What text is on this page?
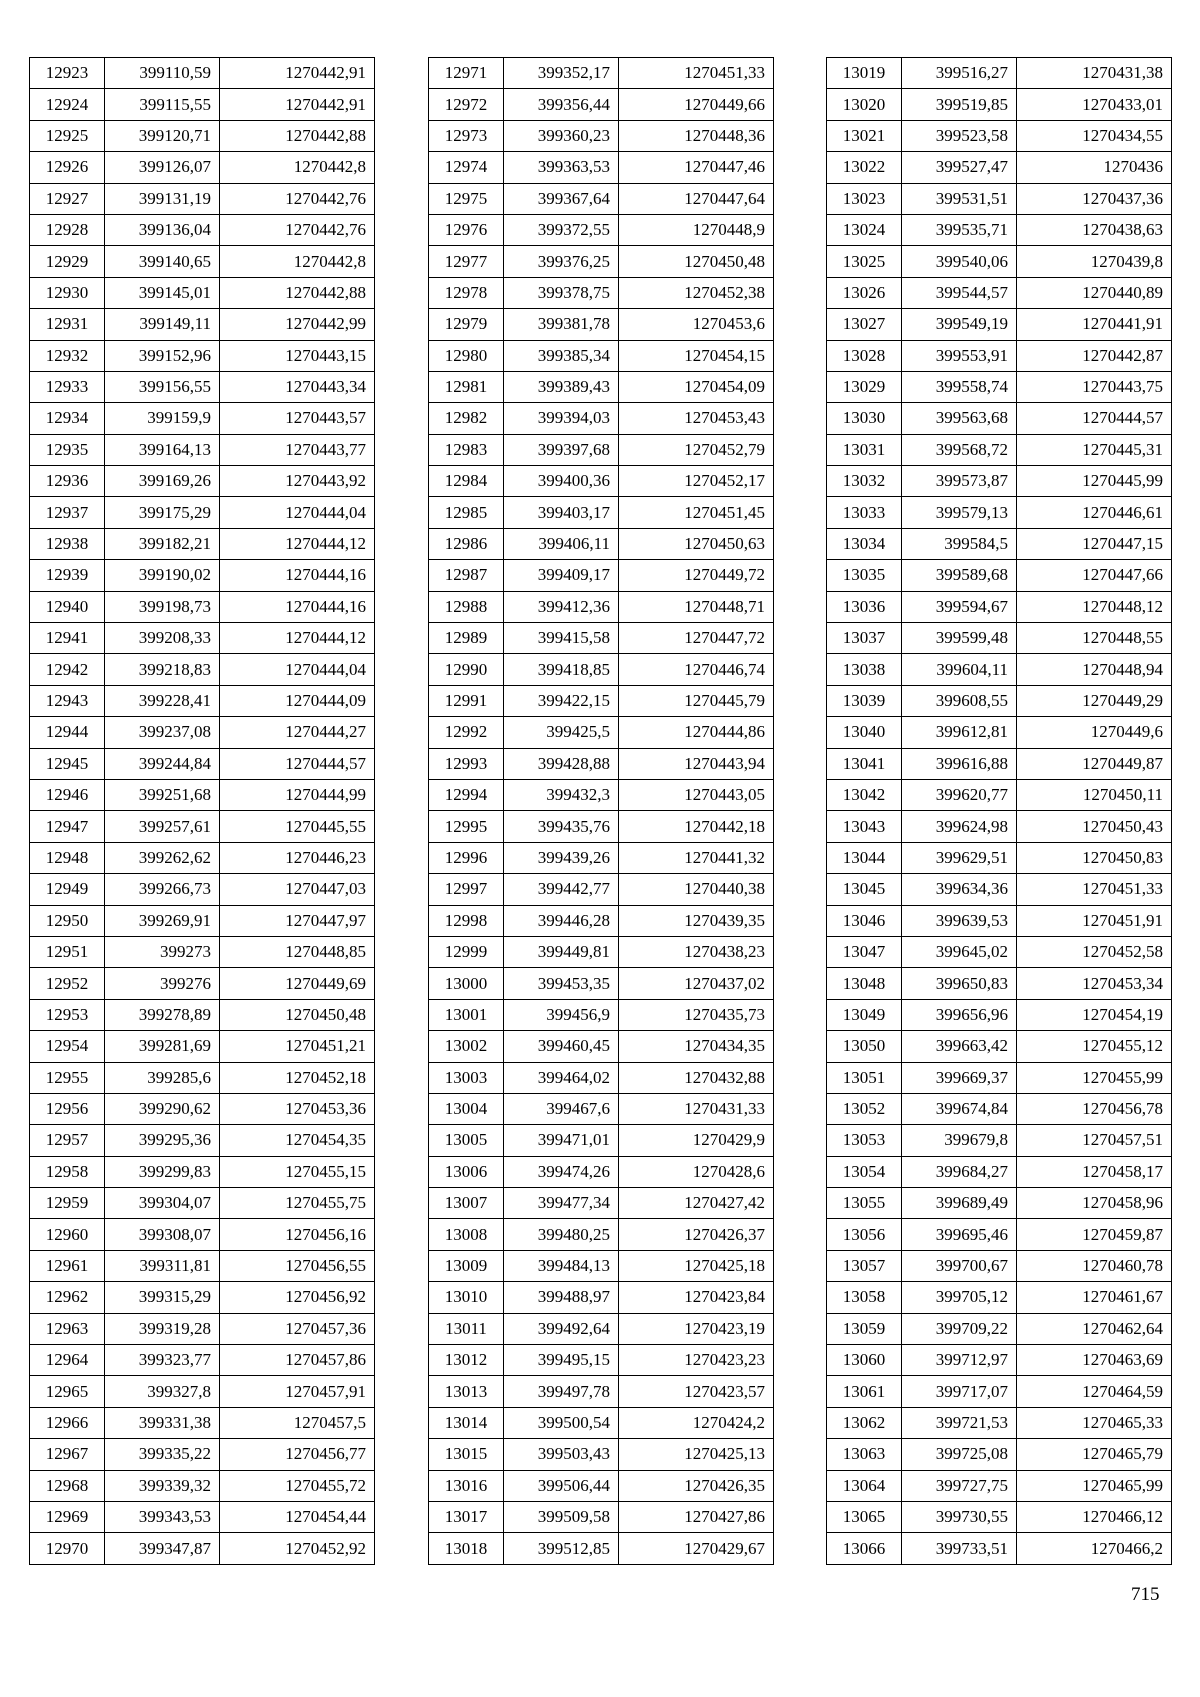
12923	399110,59	1270442,91
12924	399115,55	1270442,91
12925	399120,71	1270442,88
12926	399126,07	1270442,8
12927	399131,19	1270442,76
12928	399136,04	1270442,76
12929	399140,65	1270442,8
12930	399145,01	1270442,88
12931	399149,11	1270442,99
12932	399152,96	1270443,15
12933	399156,55	1270443,34
12934	399159,9	1270443,57
12935	399164,13	1270443,77
12936	399169,26	1270443,92
12937	399175,29	1270444,04
12938	399182,21	1270444,12
12939	399190,02	1270444,16
12940	399198,73	1270444,16
12941	399208,33	1270444,12
12942	399218,83	1270444,04
12943	399228,41	1270444,09
12944	399237,08	1270444,27
12945	399244,84	1270444,57
12946	399251,68	1270444,99
12947	399257,61	1270445,55
12948	399262,62	1270446,23
12949	399266,73	1270447,03
12950	399269,91	1270447,97
12951	399273	1270448,85
12952	399276	1270449,69
12953	399278,89	1270450,48
12954	399281,69	1270451,21
12955	399285,6	1270452,18
12956	399290,62	1270453,36
12957	399295,36	1270454,35
12958	399299,83	1270455,15
12959	399304,07	1270455,75
12960	399308,07	1270456,16
12961	399311,81	1270456,55
12962	399315,29	1270456,92
12963	399319,28	1270457,36
12964	399323,77	1270457,86
12965	399327,8	1270457,91
12966	399331,38	1270457,5
12967	399335,22	1270456,77
12968	399339,32	1270455,72
12969	399343,53	1270454,44
12970	399347,87	1270452,92
12971	399352,17	1270451,33
12972	399356,44	1270449,66
12973	399360,23	1270448,36
12974	399363,53	1270447,46
12975	399367,64	1270447,64
12976	399372,55	1270448,9
12977	399376,25	1270450,48
12978	399378,75	1270452,38
12979	399381,78	1270453,6
12980	399385,34	1270454,15
12981	399389,43	1270454,09
12982	399394,03	1270453,43
12983	399397,68	1270452,79
12984	399400,36	1270452,17
12985	399403,17	1270451,45
12986	399406,11	1270450,63
12987	399409,17	1270449,72
12988	399412,36	1270448,71
12989	399415,58	1270447,72
12990	399418,85	1270446,74
12991	399422,15	1270445,79
12992	399425,5	1270444,86
12993	399428,88	1270443,94
12994	399432,3	1270443,05
12995	399435,76	1270442,18
12996	399439,26	1270441,32
12997	399442,77	1270440,38
12998	399446,28	1270439,35
12999	399449,81	1270438,23
13000	399453,35	1270437,02
13001	399456,9	1270435,73
13002	399460,45	1270434,35
13003	399464,02	1270432,88
13004	399467,6	1270431,33
13005	399471,01	1270429,9
13006	399474,26	1270428,6
13007	399477,34	1270427,42
13008	399480,25	1270426,37
13009	399484,13	1270425,18
13010	399488,97	1270423,84
13011	399492,64	1270423,19
13012	399495,15	1270423,23
13013	399497,78	1270423,57
13014	399500,54	1270424,2
13015	399503,43	1270425,13
13016	399506,44	1270426,35
13017	399509,58	1270427,86
13018	399512,85	1270429,67
13019	399516,27	1270431,38
13020	399519,85	1270433,01
13021	399523,58	1270434,55
13022	399527,47	1270436
13023	399531,51	1270437,36
13024	399535,71	1270438,63
13025	399540,06	1270439,8
13026	399544,57	1270440,89
13027	399549,19	1270441,91
13028	399553,91	1270442,87
13029	399558,74	1270443,75
13030	399563,68	1270444,57
13031	399568,72	1270445,31
13032	399573,87	1270445,99
13033	399579,13	1270446,61
13034	399584,5	1270447,15
13035	399589,68	1270447,66
13036	399594,67	1270448,12
13037	399599,48	1270448,55
13038	399604,11	1270448,94
13039	399608,55	1270449,29
13040	399612,81	1270449,6
13041	399616,88	1270449,87
13042	399620,77	1270450,11
13043	399624,98	1270450,43
13044	399629,51	1270450,83
13045	399634,36	1270451,33
13046	399639,53	1270451,91
13047	399645,02	1270452,58
13048	399650,83	1270453,34
13049	399656,96	1270454,19
13050	399663,42	1270455,12
13051	399669,37	1270455,99
13052	399674,84	1270456,78
13053	399679,8	1270457,51
13054	399684,27	1270458,17
13055	399689,49	1270458,96
13056	399695,46	1270459,87
13057	399700,67	1270460,78
13058	399705,12	1270461,67
13059	399709,22	1270462,64
13060	399712,97	1270463,69
13061	399717,07	1270464,59
13062	399721,53	1270465,33
13063	399725,08	1270465,79
13064	399727,75	1270465,99
13065	399730,55	1270466,12
13066	399733,51	1270466,2
715
